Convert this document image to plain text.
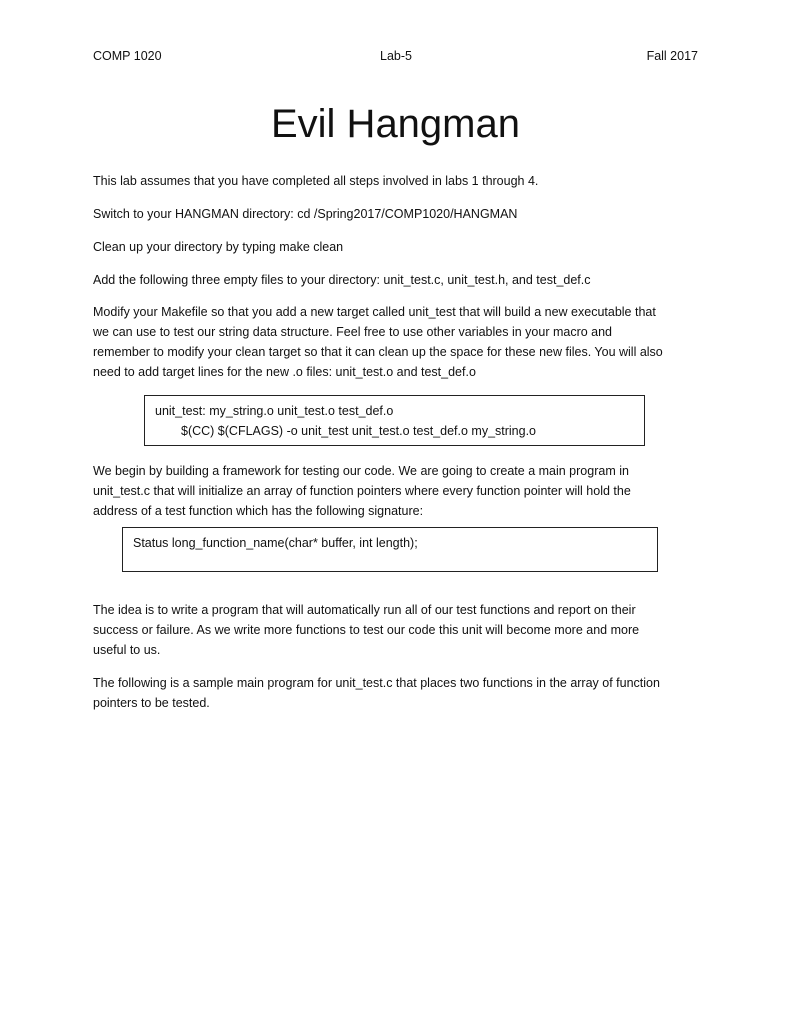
COMP 1020	Lab-5	Fall 2017
Evil Hangman

This lab assumes that you have completed all steps involved in labs 1 through 4.

Switch to your HANGMAN directory: cd /Spring2017/COMP1020/HANGMAN

Clean up your directory by typing make clean

Add the following three empty files to your directory: unit_test.c, unit_test.h, and test_def.c

Modify your Makefile so that you add a new target called unit_test that will build a new executable that
we can use to test our string data structure. Feel free to use other variables in your macro and
remember to modify your clean target so that it can clean up the space for these new files. You will also
need to add target lines for the new .o files: unit_test.o and test_def.o

unit_test: my_string.o unit_test.o test_def.o
$(CC) $(CFLAGS) -o unit_test unit_test.o test_def.o my_string.o

We begin by building a framework for testing our code. We are going to create a main program in
unit_test.c that will initialize an array of function pointers where every function pointer will hold the
address of a test function which has the following signature:

Status long_function_name(char* buffer, int length);

The idea is to write a program that will automatically run all of our test functions and report on their
success or failure. As we write more functions to test our code this unit will become more and more
useful to us.

The following is a sample main program for unit_test.c that places two functions in the array of function
pointers to be tested.
